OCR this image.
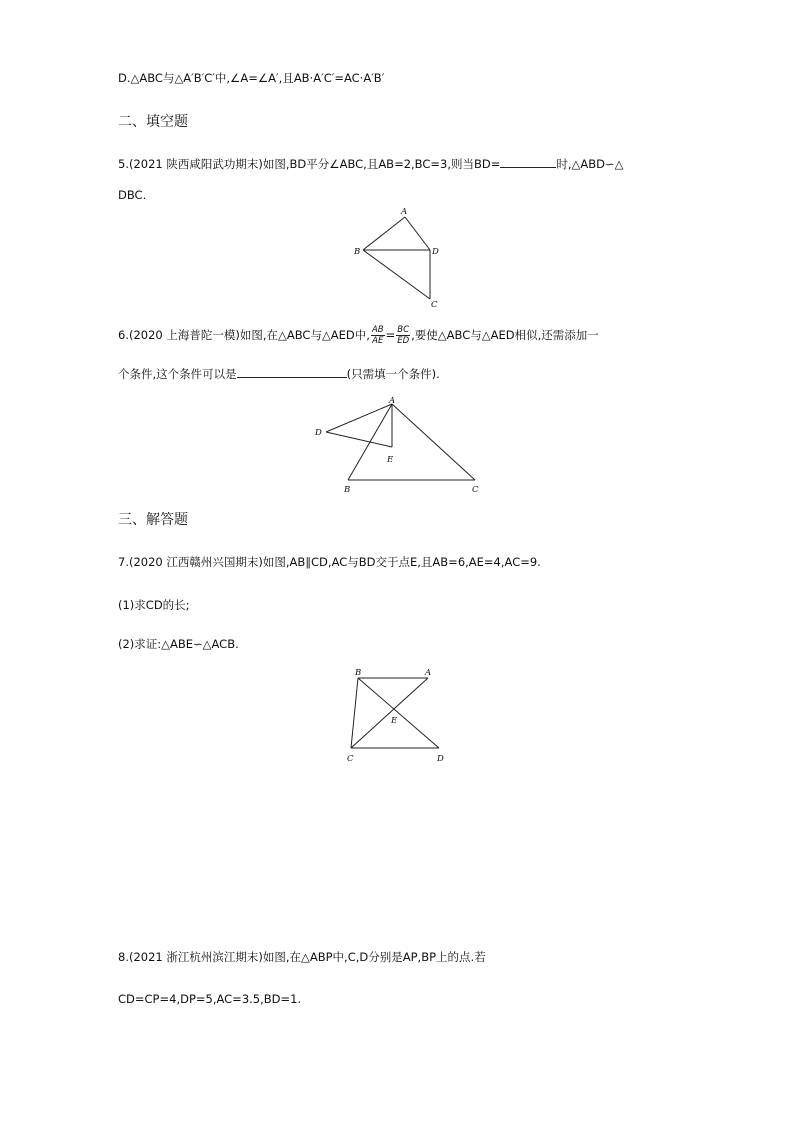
D.△ABC与△A′B′C′中,∠A=∠A′,且AB·A′C′=AC·A′B′
二、填空题
5.(2021 陕西咸阳武功期末)如图,BD平分∠ABC,且AB=2,BC=3,则当BD=	时,△ABD∽△
DBC.
A
B	D
C
6.(2020 上海普陀一模)如图,在△ABC与△AED中, $\frac{AB}{AE} = \frac{BC}{ED}$ ,要使△ABC与△AED相似,还需添加一
个条件,这个条件可以是	(只需填一个条件).
A
D
E
B	C
三、解答题
7.(2020 江西赣州兴国期末)如图,AB∥CD,AC与BD交于点E,且AB=6,AE=4,AC=9.
(1)求CD的长;
(2)求证:△ABE∽△ACB.
B	A
E
C	D
8.(2021 浙江杭州滨江期末)如图,在△ABP中,C,D分别是AP,BP上的点.若
CD=CP=4,DP=5,AC=3.5,BD=1.
